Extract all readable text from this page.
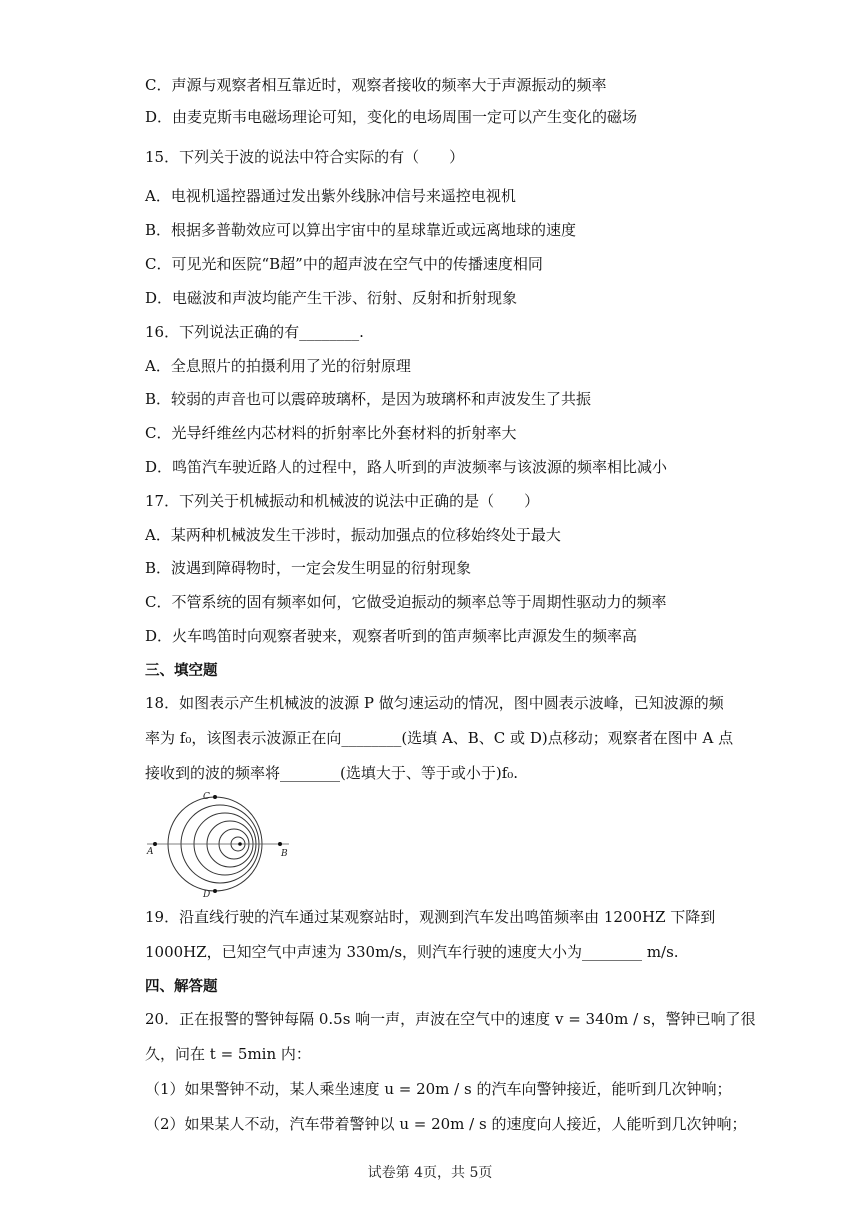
C．声源与观察者相互靠近时，观察者接收的频率大于声源振动的频率
D．由麦克斯韦电磁场理论可知，变化的电场周围一定可以产生变化的磁场
15．下列关于波的说法中符合实际的有（　　）
A．电视机遥控器通过发出紫外线脉冲信号来遥控电视机
B．根据多普勒效应可以算出宇宙中的星球靠近或远离地球的速度
C．可见光和医院“B超”中的超声波在空气中的传播速度相同
D．电磁波和声波均能产生干涉、衍射、反射和折射现象
16．下列说法正确的有________.
A．全息照片的拍摄利用了光的衍射原理
B．较弱的声音也可以震碎玻璃杯，是因为玻璃杯和声波发生了共振
C．光导纤维丝内芯材料的折射率比外套材料的折射率大
D．鸣笛汽车驶近路人的过程中，路人听到的声波频率与该波源的频率相比减小
17．下列关于机械振动和机械波的说法中正确的是（　　）
A．某两种机械波发生干涉时，振动加强点的位移始终处于最大
B．波遇到障碍物时，一定会发生明显的衍射现象
C．不管系统的固有频率如何，它做受迫振动的频率总等于周期性驱动力的频率
D．火车鸣笛时向观察者驶来，观察者听到的笛声频率比声源发生的频率高
三、填空题
18．如图表示产生机械波的波源 P 做匀速运动的情况，图中圆表示波峰，已知波源的频
率为 f₀，该图表示波源正在向________(选填 A、B、C 或 D)点移动；观察者在图中 A 点
接收到的波的频率将________(选填大于、等于或小于)f₀.
19．沿直线行驶的汽车通过某观察站时，观测到汽车发出鸣笛频率由 1200HZ 下降到
1000HZ，已知空气中声速为 330m/s，则汽车行驶的速度大小为________ m/s.
四、解答题
20．正在报警的警钟每隔 0.5s 响一声，声波在空气中的速度 v = 340m / s，警钟已响了很
久，问在 t = 5min 内：
（1）如果警钟不动，某人乘坐速度 u = 20m / s 的汽车向警钟接近，能听到几次钟响；
（2）如果某人不动，汽车带着警钟以 u = 20m / s 的速度向人接近，人能听到几次钟响；
A	B
C
D
试卷第 4页，共 5页
